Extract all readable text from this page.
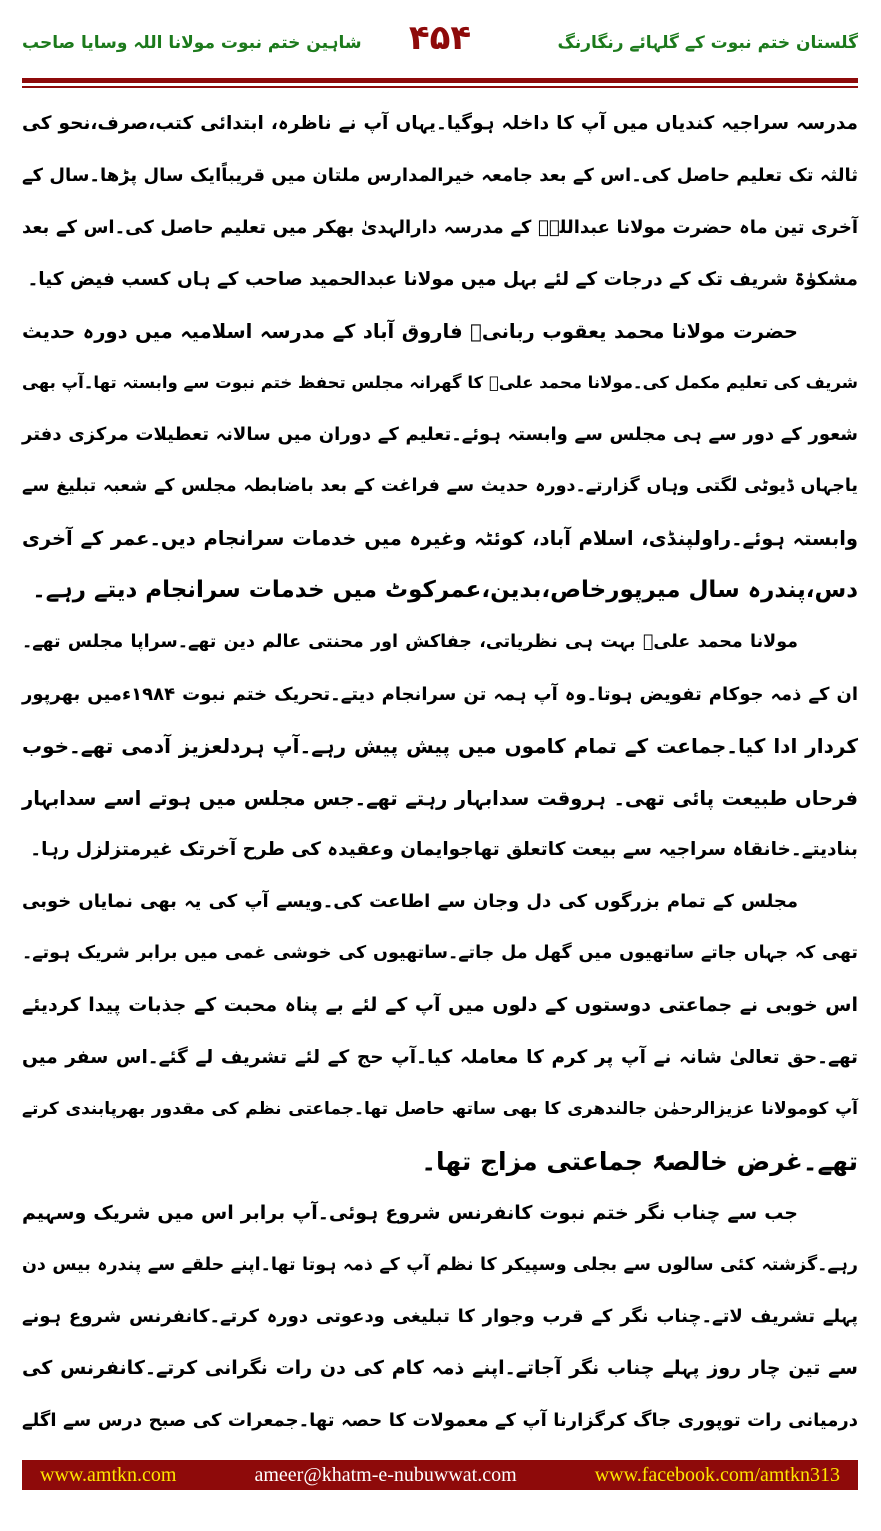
گلستان ختم نبوت کے گلہائے رنگارنگ
۴۵۴
شاہین ختم نبوت مولانا اللہ وسایا صاحب
مدرسہ سراجیہ کندیاں میں آپ کا داخلہ ہوگیا۔یہاں آپ نے ناظرہ، ابتدائی کتب،صرف،نحو کی
ثالثہ تک تعلیم حاصل کی۔اس کے بعد جامعہ خیرالمدارس ملتان میں قریباًایک سال پڑھا۔سال کے
آخری تین ماہ حضرت مولانا عبداللہؒ کے مدرسہ دارالہدیٰ بھکر میں تعلیم حاصل کی۔اس کے بعد
مشکوٰۃ شریف تک کے درجات کے لئے بہل میں مولانا عبدالحمید صاحب کے ہاں کسب فیض کیا۔
حضرت مولانا محمد یعقوب ربانیؒ فاروق آباد کے مدرسہ اسلامیہ میں دورہ حدیث
شریف کی تعلیم مکمل کی۔مولانا محمد علیؒ کا گھرانہ مجلس تحفظ ختم نبوت سے وابستہ تھا۔آپ بھی
شعور کے دور سے ہی مجلس سے وابستہ ہوئے۔تعلیم کے دوران میں سالانہ تعطیلات مرکزی دفتر
یاجہاں ڈیوٹی لگتی وہاں گزارتے۔دورہ حدیث سے فراغت کے بعد باضابطہ مجلس کے شعبہ تبلیغ سے
وابستہ ہوئے۔راولپنڈی، اسلام آباد، کوئٹہ وغیرہ میں خدمات سرانجام دیں۔عمر کے آخری
دس،پندرہ سال میرپورخاص،بدین،عمرکوٹ میں خدمات سرانجام دیتے رہے۔
مولانا محمد علیؒ بہت ہی نظریاتی، جفاکش اور محنتی عالم دین تھے۔سراپا مجلس تھے۔
ان کے ذمہ جوکام تفویض ہوتا۔وہ آپ ہمہ تن سرانجام دیتے۔تحریک ختم نبوت ۱۹۸۴ءمیں بھرپور
کردار ادا کیا۔جماعت کے تمام کاموں میں پیش پیش رہے۔آپ ہردلعزیز آدمی تھے۔خوب
فرحاں طبیعت پائی تھی۔ ہروقت سدابہار رہتے تھے۔جس مجلس میں ہوتے اسے سدابہار
بنادیتے۔خانقاہ سراجیہ سے بیعت کاتعلق تھاجوایمان وعقیدہ کی طرح آخرتک غیرمتزلزل رہا۔
مجلس کے تمام بزرگوں کی دل وجان سے اطاعت کی۔ویسے آپ کی یہ بھی نمایاں خوبی
تھی کہ جہاں جاتے ساتھیوں میں گھل مل جاتے۔ساتھیوں کی خوشی غمی میں برابر شریک ہوتے۔
اس خوبی نے جماعتی دوستوں کے دلوں میں آپ کے لئے بے پناہ محبت کے جذبات پیدا کردیئے
تھے۔حق تعالیٰ شانہ نے آپ پر کرم کا معاملہ کیا۔آپ حج کے لئے تشریف لے گئے۔اس سفر میں
آپ کومولانا عزیزالرحمٰن جالندھری کا بھی ساتھ حاصل تھا۔جماعتی نظم کی مقدور بھرپابندی کرتے
تھے۔غرض خالصۃً جماعتی مزاج تھا۔
جب سے چناب نگر ختم نبوت کانفرنس شروع ہوئی۔آپ برابر اس میں شریک وسہیم
رہے۔گزشتہ کئی سالوں سے بجلی وسپیکر کا نظم آپ کے ذمہ ہوتا تھا۔اپنے حلقے سے پندرہ بیس دن
پہلے تشریف لاتے۔چناب نگر کے قرب وجوار کا تبلیغی ودعوتی دورہ کرتے۔کانفرنس شروع ہونے
سے تین چار روز پہلے چناب نگر آجاتے۔اپنے ذمہ کام کی دن رات نگرانی کرتے۔کانفرنس کی
درمیانی رات توپوری جاگ کرگزارنا آپ کے معمولات کا حصہ تھا۔جمعرات کی صبح درس سے اگلے
www.amtkn.com	ameer@khatm-e-nubuwwat.com	www.facebook.com/amtkn313
